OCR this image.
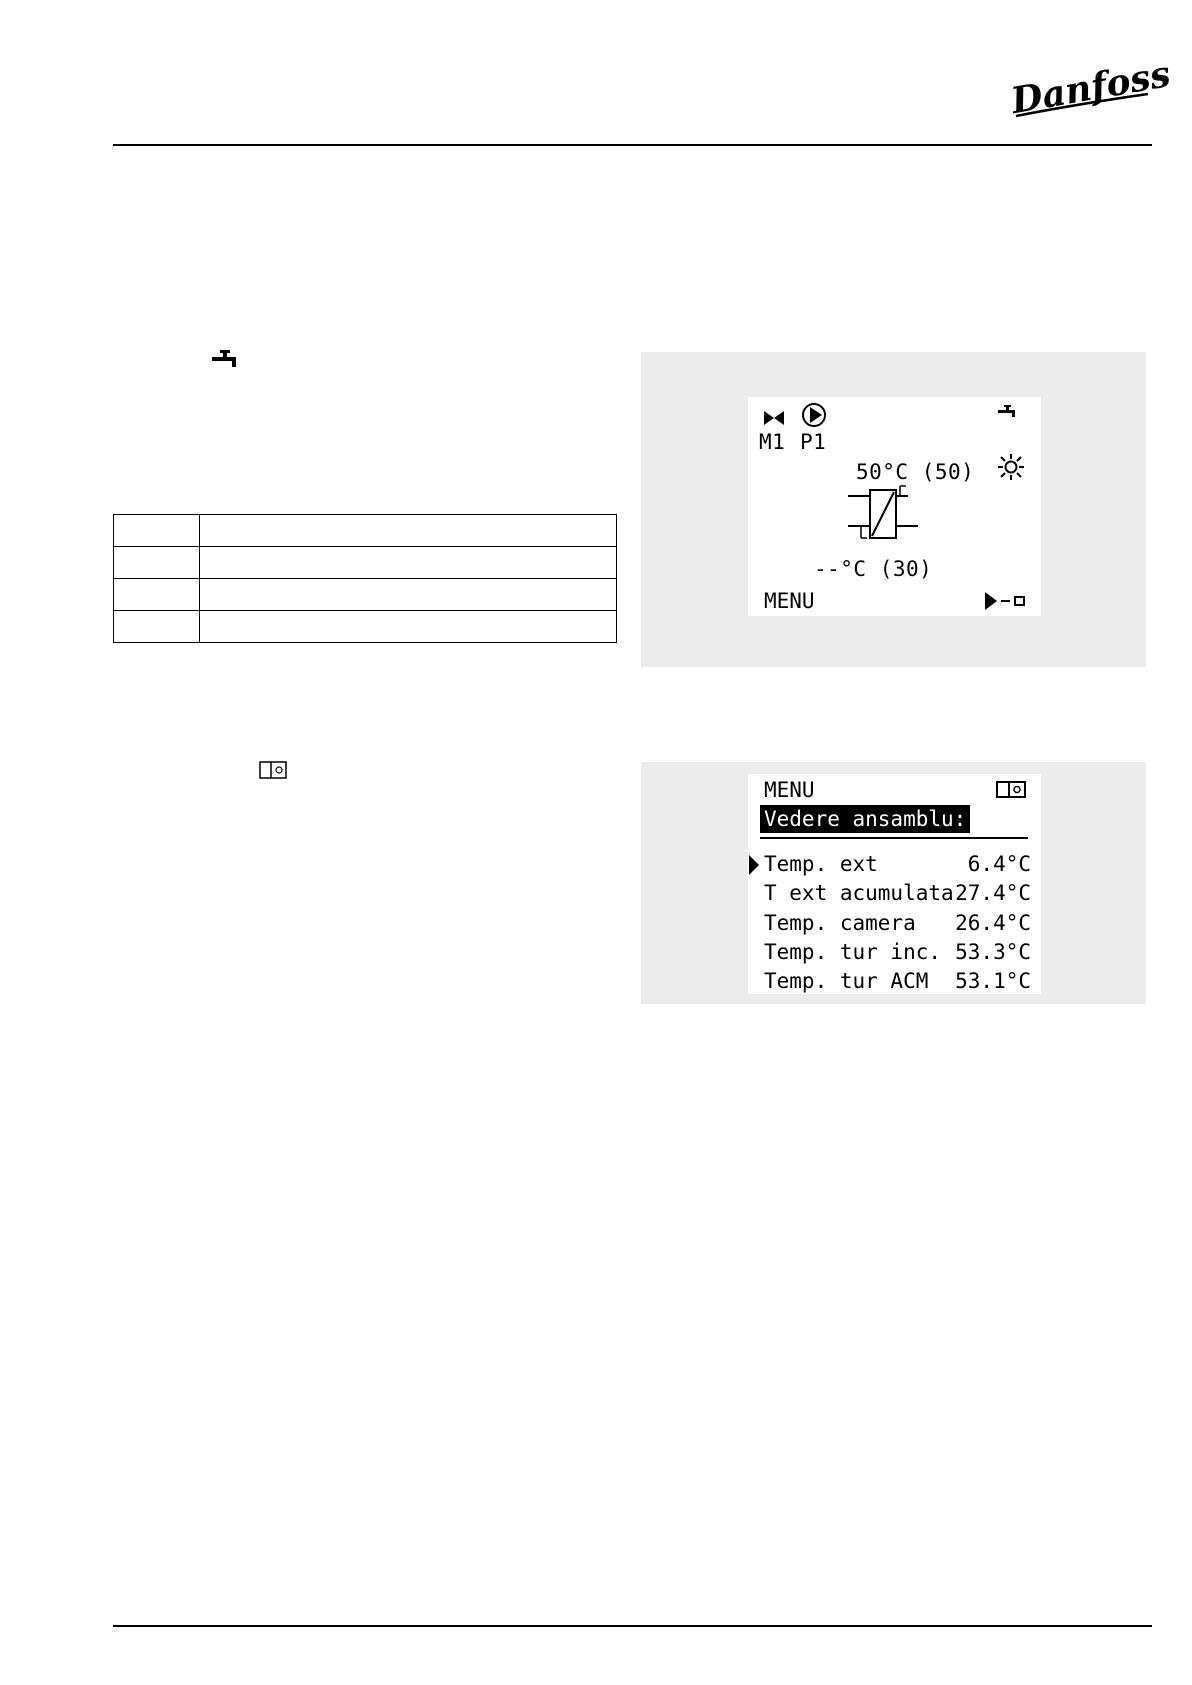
Danfoss

M1 P1
50°C (50)
--°C (30)
MENU
MENU
Vedere ansamblu:
Temp. ext	6.4°C
T ext acumulata 27.4°C
Temp. camera 26.4°C
Temp. tur inc. 53.3°C
Temp. tur ACM 53.1°C
